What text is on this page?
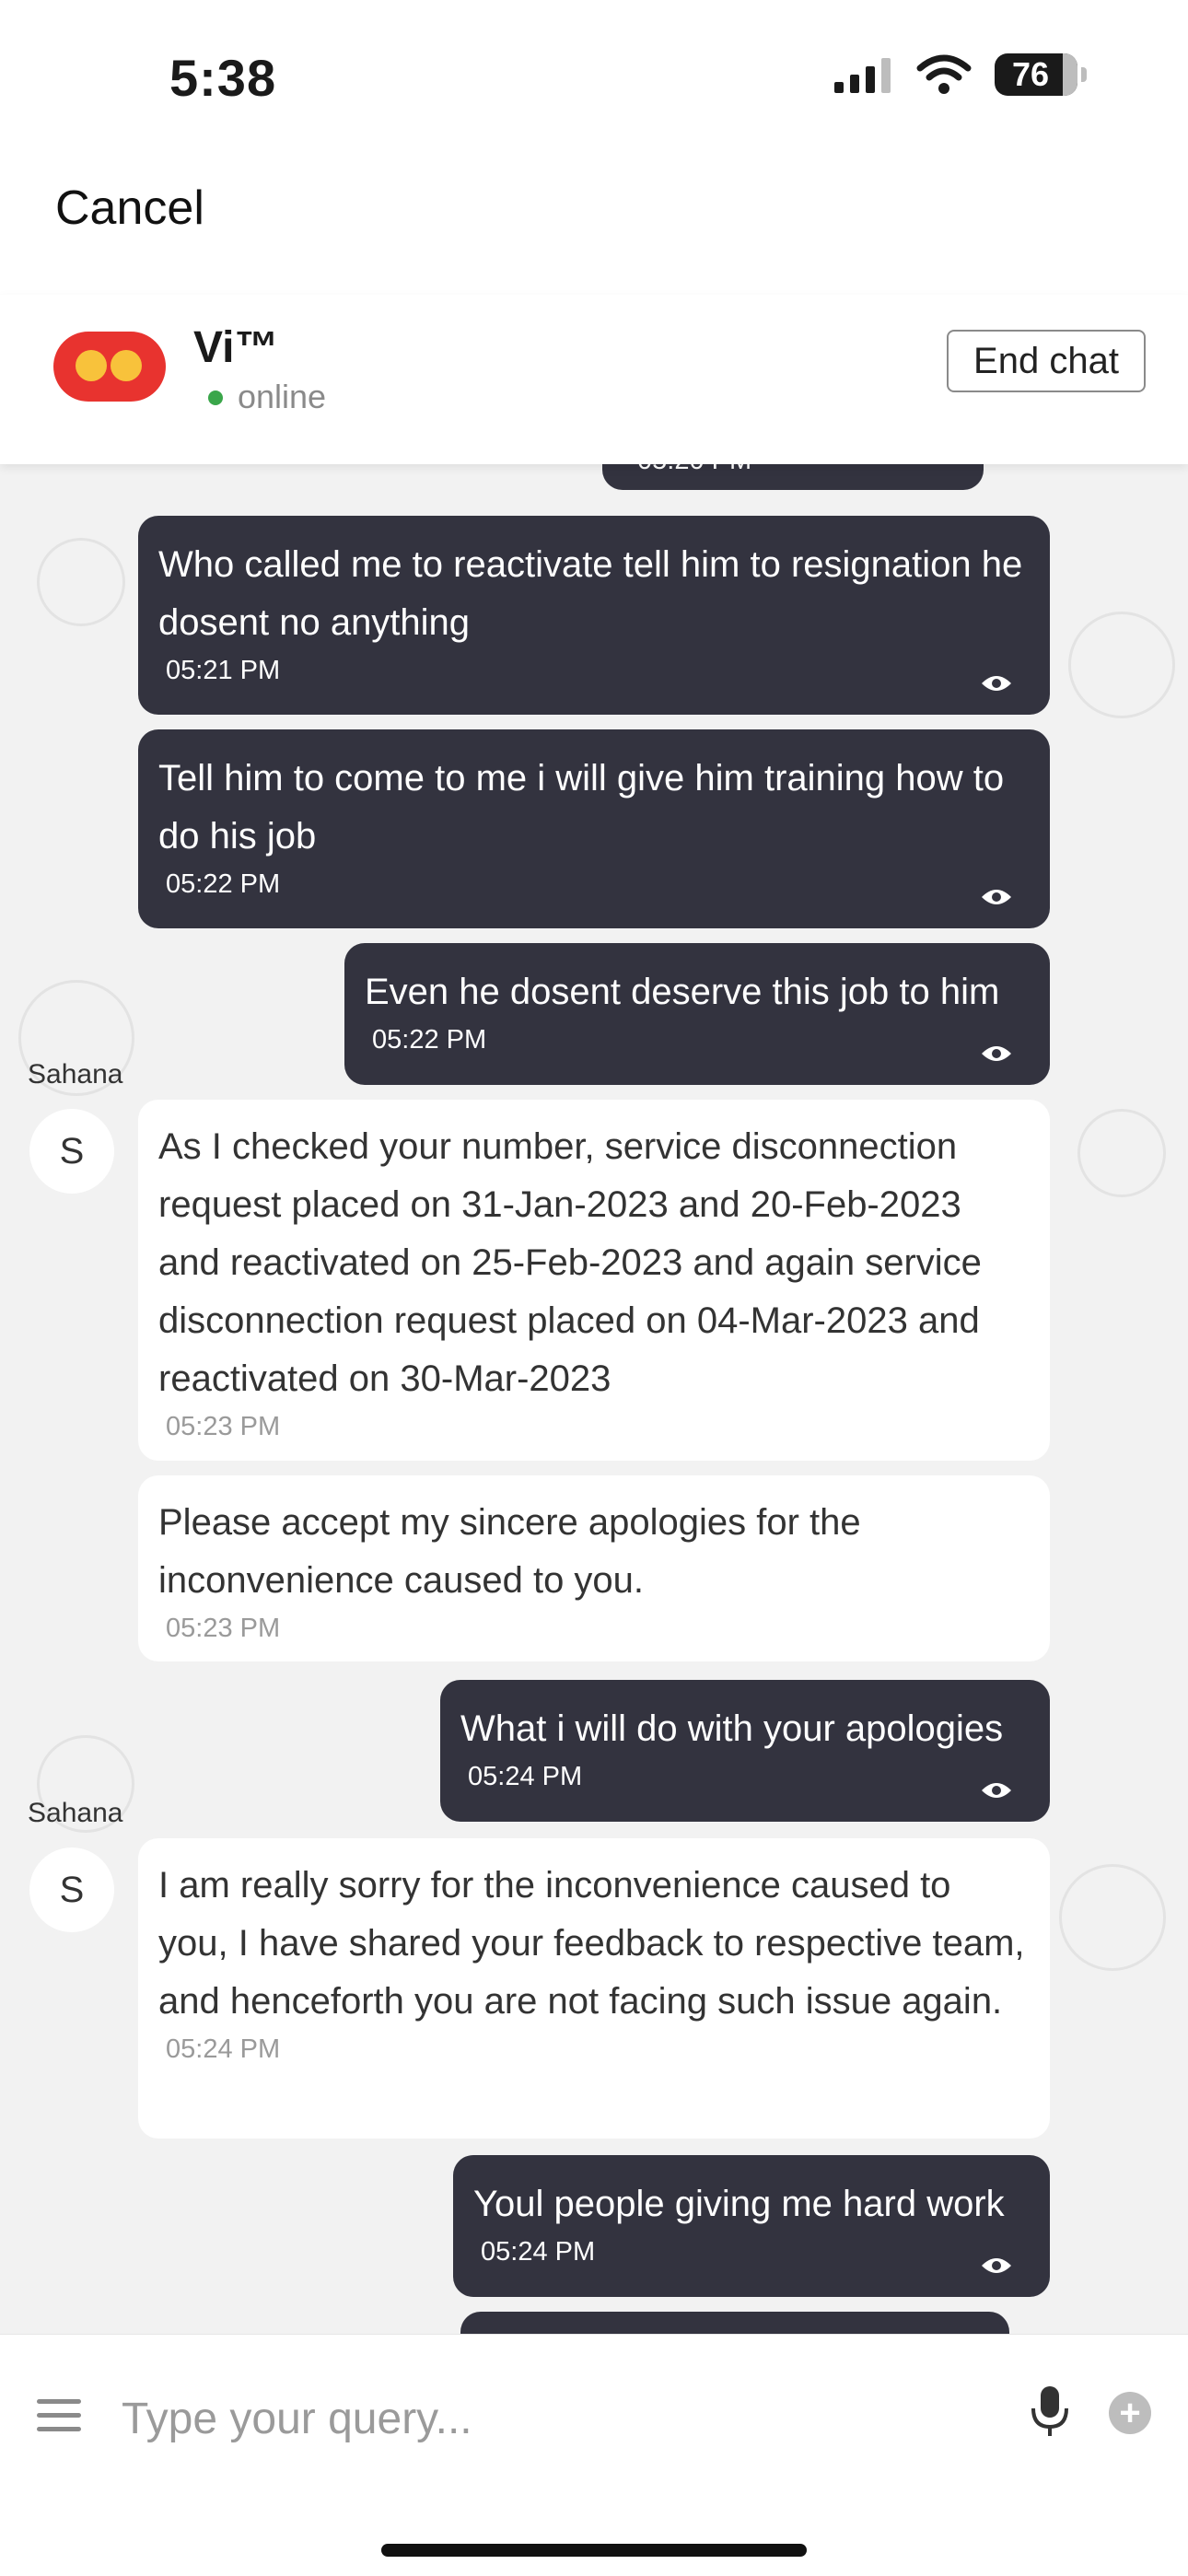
5:38	76
Cancel
Vi™
online
End chat
Who called me to reactivate tell him to resignation he dosent no anything
05:21 PM
Tell him to come to me i will give him training how to do his job
05:22 PM
Even he dosent deserve this job to him
05:22 PM
Sahana
S	As I checked your number, service disconnection request placed on 31-Jan-2023 and 20-Feb-2023 and reactivated on 25-Feb-2023 and again service disconnection request placed on 04-Mar-2023 and reactivated on 30-Mar-2023
05:23 PM
Please accept my sincere apologies for the inconvenience caused to you.
05:23 PM
What i will do with your apologies
05:24 PM
Sahana
S	I am really sorry for the inconvenience caused to you, I have shared your feedback to respective team, and henceforth you are not facing such issue again.
05:24 PM
Youl people giving me hard work
05:24 PM
Type your query...
+
